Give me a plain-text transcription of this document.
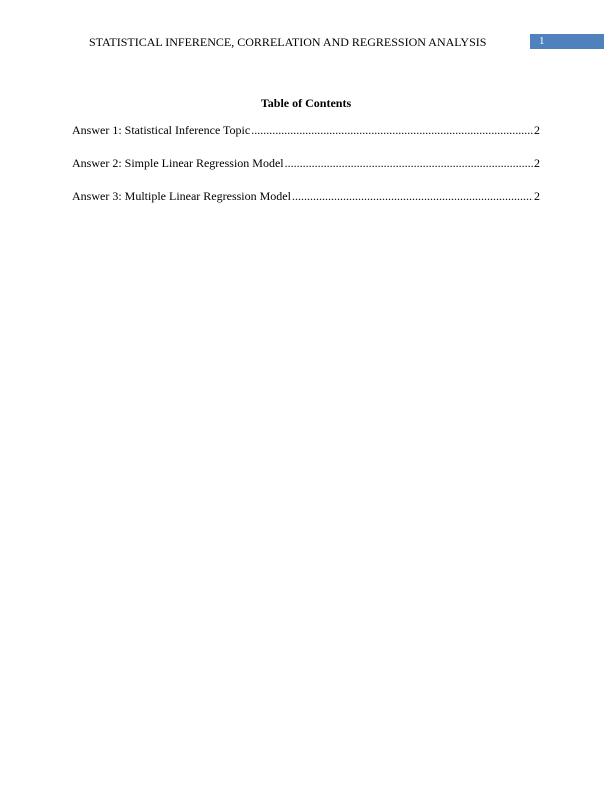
STATISTICAL INFERENCE, CORRELATION AND REGRESSION ANALYSIS	1
Table of Contents
Answer 1: Statistical Inference Topic .....	2
Answer 2: Simple Linear Regression Model .....	2
Answer 3: Multiple Linear Regression Model .....	2
